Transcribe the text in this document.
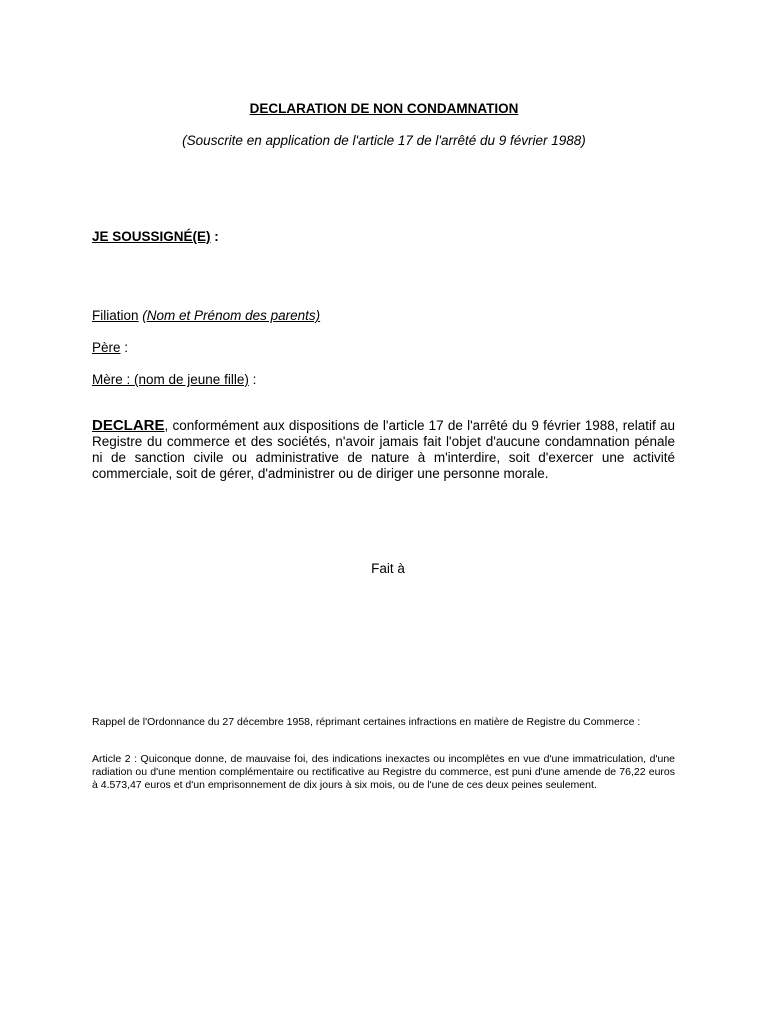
DECLARATION DE NON CONDAMNATION
(Souscrite en application de l'article 17 de l'arrêté du 9 février 1988)
JE SOUSSIGNÉ(E) :
Filiation (Nom et Prénom des parents)
Père :
Mère : (nom de jeune fille) :
DECLARE, conformément aux dispositions de l'article 17 de l'arrêté du 9 février 1988, relatif au Registre du commerce et des sociétés, n'avoir jamais fait l'objet d'aucune condamnation pénale ni de sanction civile ou administrative de nature à m'interdire, soit d'exercer une activité commerciale, soit de gérer, d'administrer ou de diriger une personne morale.
Fait à
Rappel de l'Ordonnance du 27 décembre 1958, réprimant certaines infractions en matière de Registre du Commerce :
Article 2 : Quiconque donne, de mauvaise foi, des indications inexactes ou incomplètes en vue d'une immatriculation, d'une radiation ou d'une mention complémentaire ou rectificative au Registre du commerce, est puni d'une amende de 76,22 euros à 4.573,47 euros et d'un emprisonnement de dix jours à six mois, ou de l'une de ces deux peines seulement.
